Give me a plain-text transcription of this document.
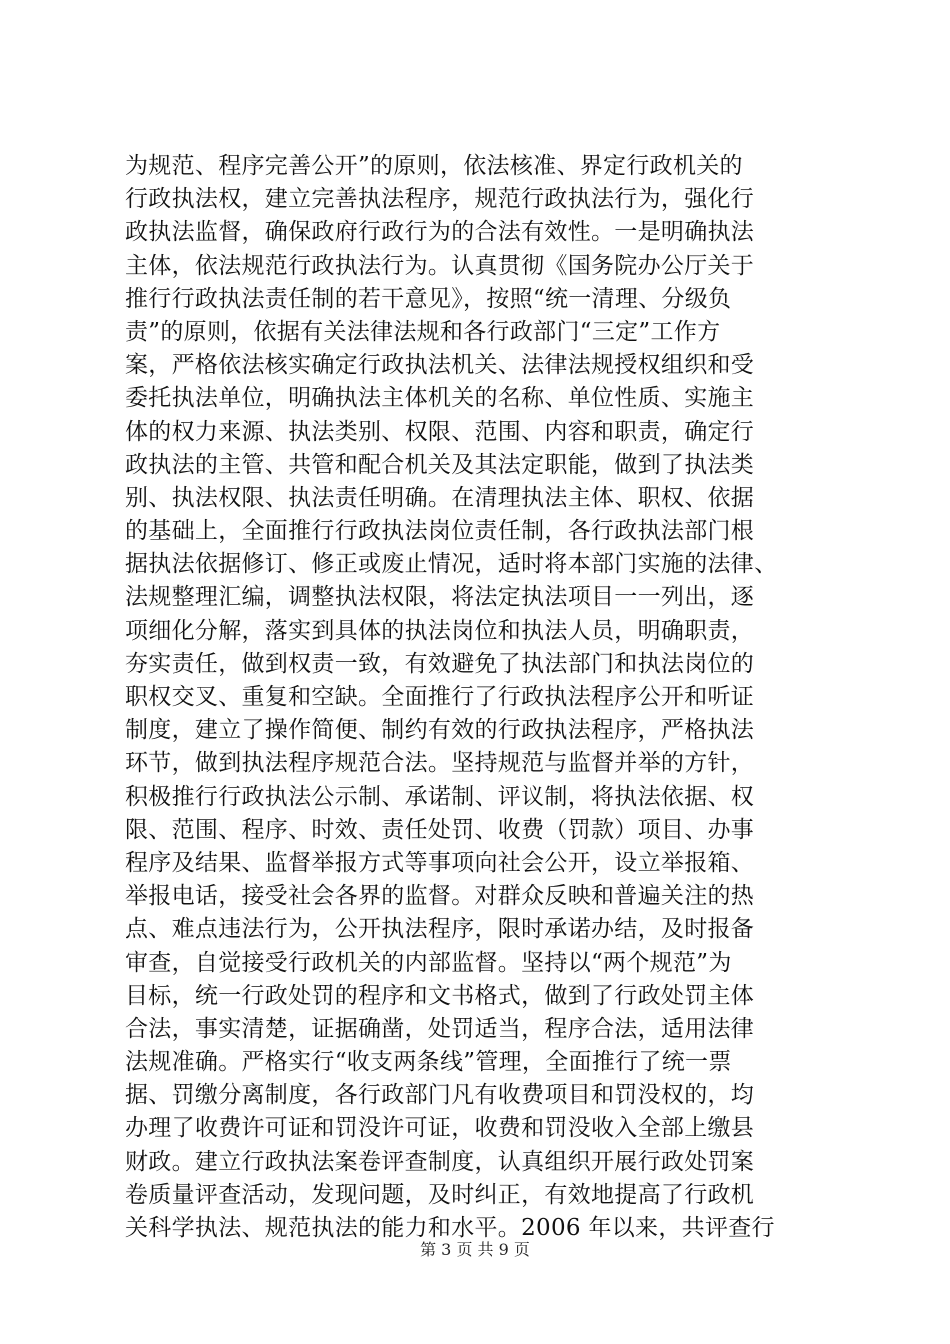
为规范、程序完善公开”的原则，依法核准、界定行政机关的
行政执法权，建立完善执法程序，规范行政执法行为，强化行
政执法监督，确保政府行政行为的合法有效性。一是明确执法
主体，依法规范行政执法行为。认真贯彻《国务院办公厅关于
推行行政执法责任制的若干意见》，按照“统一清理、分级负
责”的原则，依据有关法律法规和各行政部门“三定”工作方
案，严格依法核实确定行政执法机关、法律法规授权组织和受
委托执法单位，明确执法主体机关的名称、单位性质、实施主
体的权力来源、执法类别、权限、范围、内容和职责，确定行
政执法的主管、共管和配合机关及其法定职能，做到了执法类
别、执法权限、执法责任明确。在清理执法主体、职权、依据
的基础上，全面推行行政执法岗位责任制，各行政执法部门根
据执法依据修订、修正或废止情况，适时将本部门实施的法律、
法规整理汇编，调整执法权限，将法定执法项目一一列出，逐
项细化分解，落实到具体的执法岗位和执法人员，明确职责，
夯实责任，做到权责一致，有效避免了执法部门和执法岗位的
职权交叉、重复和空缺。全面推行了行政执法程序公开和听证
制度，建立了操作简便、制约有效的行政执法程序，严格执法
环节，做到执法程序规范合法。坚持规范与监督并举的方针，
积极推行行政执法公示制、承诺制、评议制，将执法依据、权
限、范围、程序、时效、责任处罚、收费（罚款）项目、办事
程序及结果、监督举报方式等事项向社会公开，设立举报箱、
举报电话，接受社会各界的监督。对群众反映和普遍关注的热
点、难点违法行为，公开执法程序，限时承诺办结，及时报备
审查，自觉接受行政机关的内部监督。坚持以“两个规范”为
目标，统一行政处罚的程序和文书格式，做到了行政处罚主体
合法，事实清楚，证据确凿，处罚适当，程序合法，适用法律
法规准确。严格实行“收支两条线”管理，全面推行了统一票
据、罚缴分离制度，各行政部门凡有收费项目和罚没权的，均
办理了收费许可证和罚没许可证，收费和罚没收入全部上缴县
财政。建立行政执法案卷评查制度，认真组织开展行政处罚案
卷质量评查活动，发现问题，及时纠正，有效地提高了行政机
关科学执法、规范执法的能力和水平。2006 年以来，共评查行
第 3 页 共 9 页
